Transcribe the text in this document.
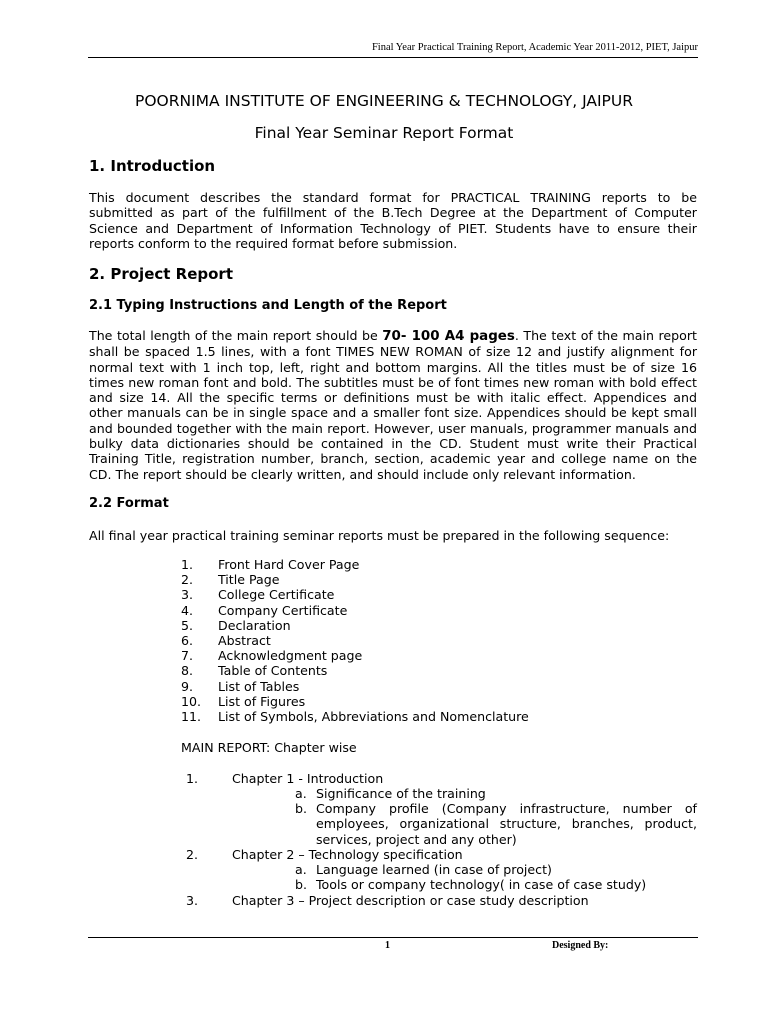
Final Year Practical Training Report, Academic Year 2011-2012, PIET, Jaipur
POORNIMA INSTITUTE OF ENGINEERING & TECHNOLOGY, JAIPUR
Final Year Seminar Report Format
1. Introduction
This document describes the standard format for PRACTICAL TRAINING reports to be
submitted as part of the fulfillment of the B.Tech Degree at the Department of Computer
Science and Department of Information Technology of PIET. Students have to ensure their
reports conform to the required format before submission.
2. Project Report
2.1 Typing Instructions and Length of the Report
The total length of the main report should be 70- 100 A4 pages. The text of the main report
shall be spaced 1.5 lines, with a font TIMES NEW ROMAN of size 12 and justify alignment for
normal text with 1 inch top, left, right and bottom margins. All the titles must be of size 16
times new roman font and bold. The subtitles must be of font times new roman with bold effect
and size 14. All the specific terms or definitions must be with italic effect. Appendices and
other manuals can be in single space and a smaller font size. Appendices should be kept small
and bounded together with the main report. However, user manuals, programmer manuals and
bulky data dictionaries should be contained in the CD. Student must write their Practical
Training Title, registration number, branch, section, academic year and college name on the
CD. The report should be clearly written, and should include only relevant information.
2.2 Format
All final year practical training seminar reports must be prepared in the following sequence:
1.	Front Hard Cover Page
2.	Title Page
3.	College Certificate
4.	Company Certificate
5.	Declaration
6.	Abstract
7.	Acknowledgment page
8.	Table of Contents
9.	List of Tables
10.	List of Figures
11.	List of Symbols, Abbreviations and Nomenclature
MAIN REPORT: Chapter wise
1.	Chapter 1 - Introduction
a. Significance of the training
b. Company profile (Company infrastructure, number of
employees, organizational structure, branches, product,
services, project and any other)
2.	Chapter 2 – Technology specification
a. Language learned (in case of project)
b. Tools or company technology( in case of case study)
3.	Chapter 3 – Project description or case study description
1	Designed By:
